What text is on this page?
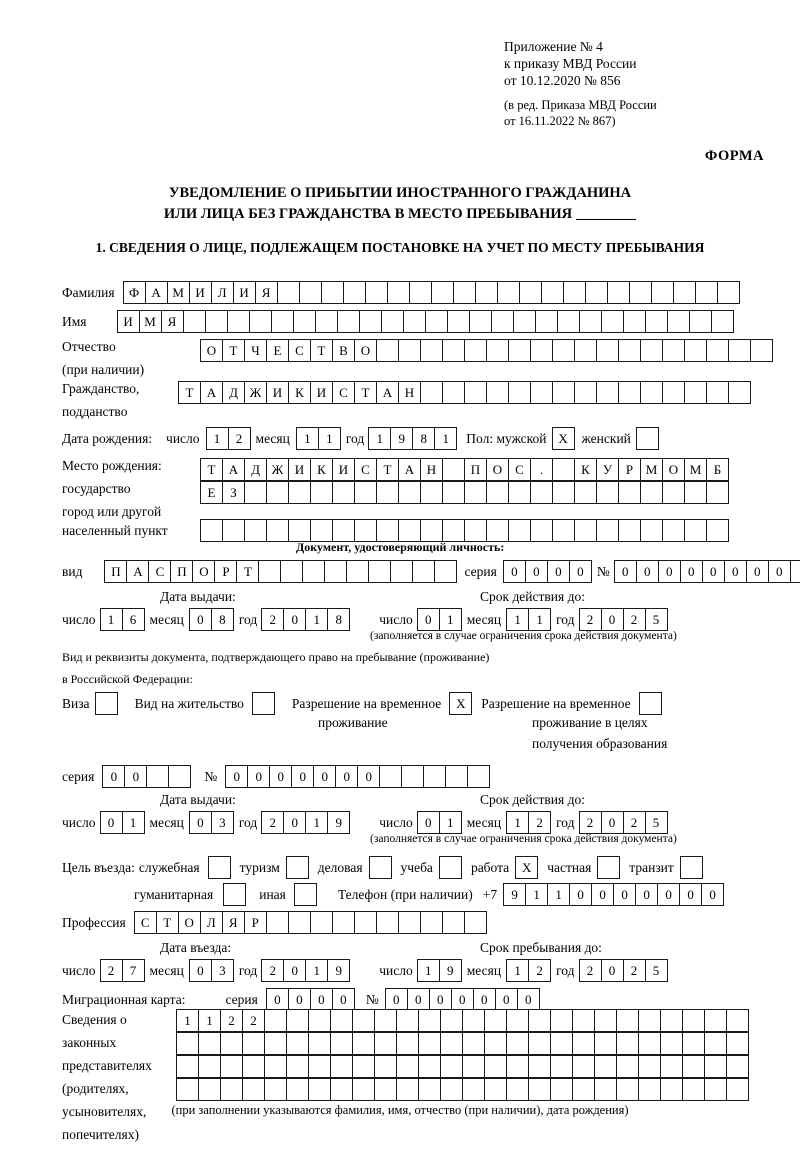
Приложение № 4
к приказу МВД России
от 10.12.2020 № 856
(в ред. Приказа МВД России
от 16.11.2022 № 867)
ФОРМА
УВЕДОМЛЕНИЕ О ПРИБЫТИИ ИНОСТРАННОГО ГРАЖДАНИНА
ИЛИ ЛИЦА БЕЗ ГРАЖДАНСТВА В МЕСТО ПРЕБЫВАНИЯ
1. СВЕДЕНИЯ О ЛИЦЕ, ПОДЛЕЖАЩЕМ ПОСТАНОВКЕ НА УЧЕТ ПО МЕСТУ ПРЕБЫВАНИЯ
Фамилия	Ф А М И Л И Я
Имя	И М Я
Отчество	О	Т	Ч	Е	С	Т	В О
(при наличии)
Гражданство,	Т	А Д Ж И К И С	Т	А Н
подданство
Дата рождения: число	1	2 месяц	1	1 год 1	9	8	1	Пол: мужской X	женский
Место рождения:	Т	А Д Ж И К И С	Т	А Н	П О С	.	К	У	Р М О М Б
государство	Е	З
город или другой
населенный пункт
Документ, удостоверяющий личность:
вид	П А С П О	Р	Т	серия	0	0	0	0 № 0	0	0	0	0	0	0	0
Дата выдачи:	Срок действия до:
число 1	6 месяц	0	8 год 2	0	1	8	число 0	1 месяц	1	1 год 2	0	2	5
(заполняется в случае ограничения срока действия документа)
Вид и реквизиты документа, подтверждающего право на пребывание (проживание)
в Российской Федерации:
Виза	Вид на жительство	Разрешение на временное	X	Разрешение на временное
проживание	проживание в целях
получения образования
серия	0	0	№	0	0	0	0	0	0	0
Дата выдачи:	Срок действия до:
число 0	1 месяц	0	3 год 2	0	1	9	число 0	1 месяц	1	2 год 2	0	2	5
(заполняется в случае ограничения срока действия документа)
Цель въезда: служебная	туризм	деловая	учеба	работа X	частная	транзит
гуманитарная	иная	Телефон (при наличии) +7	9	1	1	0	0	0	0	0	0	0
Профессия	С	Т	О Л	Я	Р
Дата въезда:	Срок пребывания до:
число 2	7 месяц	0	3 год 2	0	1	9	число 1	9 месяц	1	2 год 2	0	2	5
Миграционная карта:	серия	0	0	0	0	№	0	0	0	0	0	0	0
Сведения о
законных
представителях
(родителях,
усыновителях,
попечителях)
1	1	2	2
(при заполнении указываются фамилия, имя, отчество (при наличии), дата рождения)
